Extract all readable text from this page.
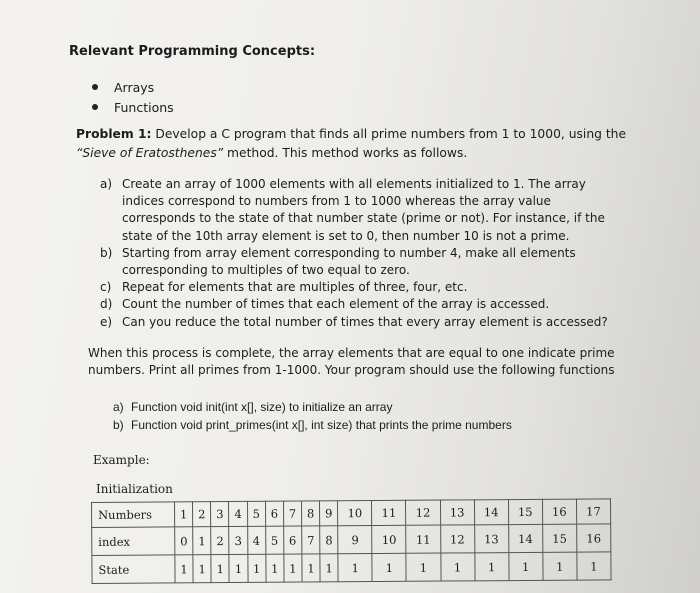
Relevant Programming Concepts:
Arrays
Functions
Problem 1: Develop a C program that finds all prime numbers from 1 to 1000, using the “Sieve of Eratosthenes” method. This method works as follows.
a) Create an array of 1000 elements with all elements initialized to 1. The array indices correspond to numbers from 1 to 1000 whereas the array value corresponds to the state of that number state (prime or not). For instance, if the state of the 10th array element is set to 0, then number 10 is not a prime.
b) Starting from array element corresponding to number 4, make all elements corresponding to multiples of two equal to zero.
c) Repeat for elements that are multiples of three, four, etc.
d) Count the number of times that each element of the array is accessed.
e) Can you reduce the total number of times that every array element is accessed?
When this process is complete, the array elements that are equal to one indicate prime numbers. Print all primes from 1-1000. Your program should use the following functions
a) Function void init(int x[], size) to initialize an array
b) Function void print_primes(int x[], int size) that prints the prime numbers
Example:
Initialization
Numbers	1	2	3	4	5	6	7	8	9	10	11	12	13	14	15	16	17
index	0	1	2	3	4	5	6	7	8	9	10	11	12	13	14	15	16
State	1	1	1	1	1	1	1	1	1	1	1	1	1	1	1	1	1
